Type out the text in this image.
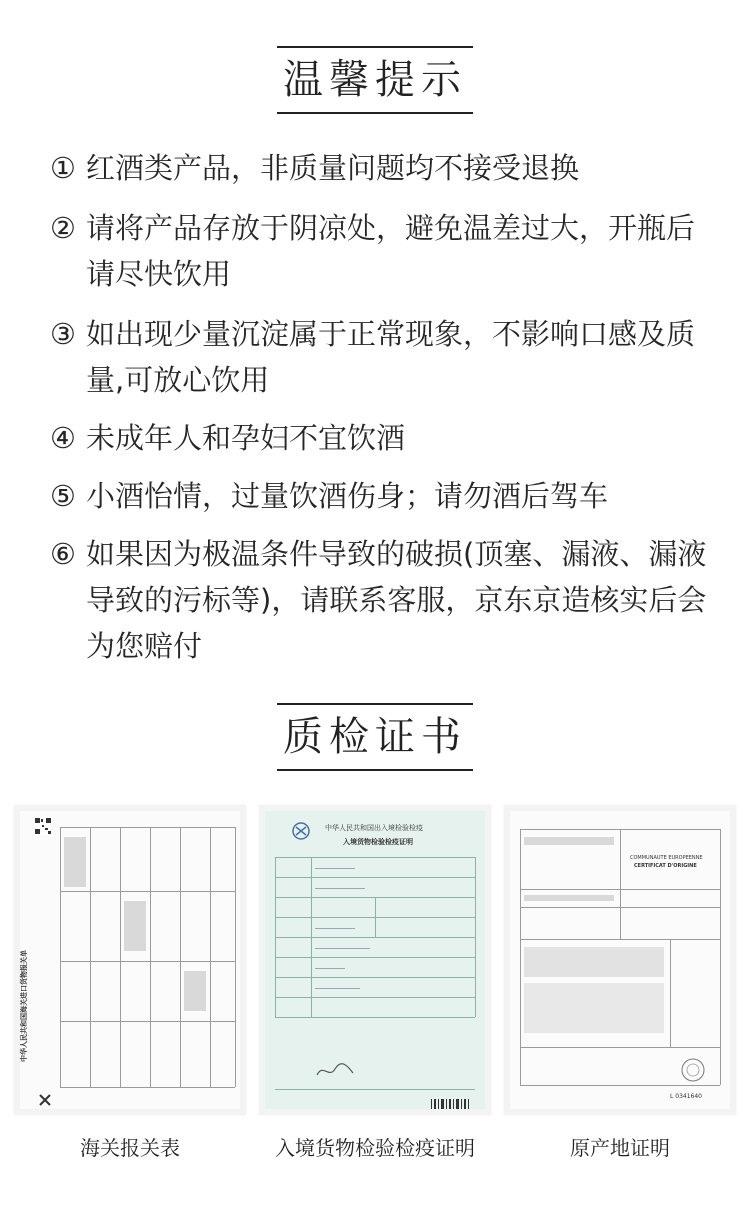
温馨提示
① 红酒类产品，非质量问题均不接受退换
② 请将产品存放于阴凉处，避免温差过大，开瓶后请尽快饮用
③ 如出现少量沉淀属于正常现象，不影响口感及质量,可放心饮用
④ 未成年人和孕妇不宜饮酒
⑤ 小酒怡情，过量饮酒伤身；请勿酒后驾车
⑥ 如果因为极温条件导致的破损(顶塞、漏液、漏液导致的污标等)，请联系客服，京东京造核实后会为您赔付
质检证书
中华人民共和国海关进口货物报关单
中华人民共和国出入境检验检疫
入境货物检验检疫证明
COMMUNAUTE EUROPEENNE
CERTIFICAT D'ORIGINE
L 0341640
海关报关表	入境货物检验检疫证明	原产地证明
